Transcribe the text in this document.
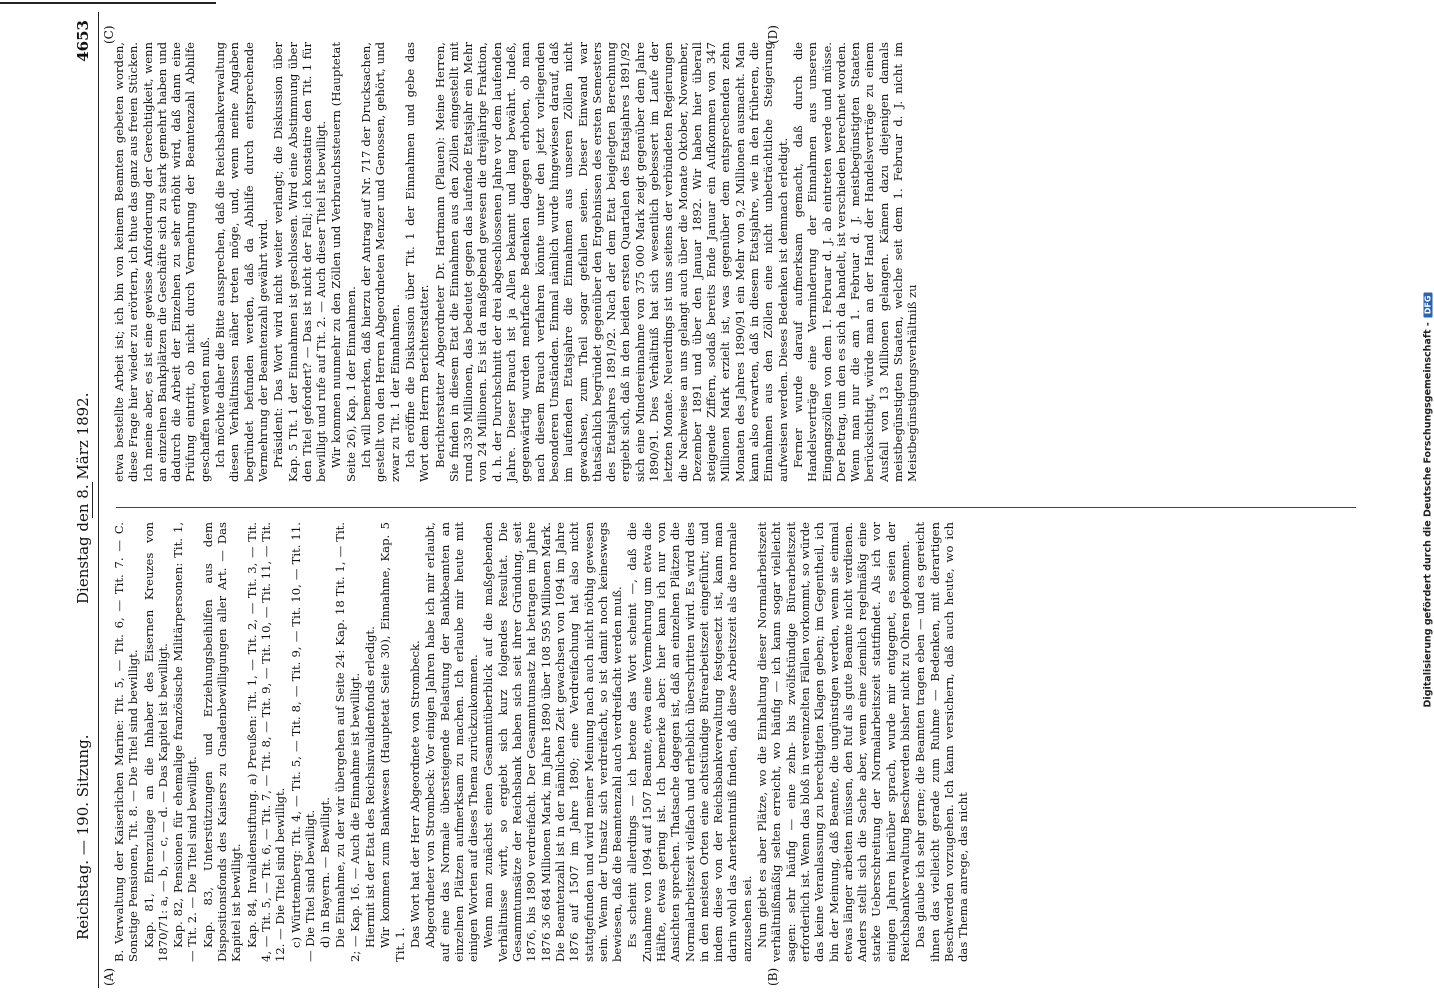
Reichstag. — 190. Sitzung.
Dienstag den 8. März 1892.
4653
(A)	(B)
(C)	(D)

B. Verwaltung der Kaiserlichen Marine: Tit. 5, — Tit. 6, — Tit. 7. — C. Sonstige Pensionen, Tit. 8. — Die Titel sind bewilligt. Kap. 81, Ehrenzulage an die Inhaber des Eisernen Kreuzes von 1870/71: a, — b, — c, — d. — Das Kapitel ist bewilligt. Kap. 82, Pensionen für ehemalige französische Militärpersonen: Tit. 1, — Tit. 2. — Die Titel sind bewilligt. Kap. 83, Unterstützungen und Erziehungsbeihilfen aus dem Dispositionsfonds des Kaisers zu Gnadenbewilligungen aller Art. — Das Kapitel ist bewilligt. Kap. 84, Invalidenstiftung. a) Preußen: Tit. 1, — Tit. 2, — Tit. 3, — Tit. 4, — Tit. 5, — Tit. 6, — Tit. 7, — Tit. 8, — Tit. 9, — Tit. 10, — Tit. 11, — Tit. 12. — Die Titel sind bewilligt. c) Württemberg: Tit. 4, — Tit. 5, — Tit. 8, — Tit. 9, — Tit. 10, — Tit. 11. — Die Titel sind bewilligt. d) in Bayern. — Bewilligt. Die Einnahme, zu der wir übergehen auf Seite 24: Kap. 18 Tit. 1, — Tit. 2; — Kap. 16. — Auch die Einnahme ist bewilligt. Hiermit ist der Etat des Reichsinvalidenfonds erledigt. Wir kommen zum Bankwesen (Hauptetat Seite 30), Einnahme, Kap. 5 Tit. 1. Das Wort hat der Herr Abgeordnete von Strombeck. Abgeordneter von Strombeck: Vor einigen Jahren habe ich mir erlaubt, auf eine das Normale übersteigende Belastung der Bankbeamten an einzelnen Plätzen aufmerksam zu machen. Ich erlaube mir heute mit einigen Worten auf dieses Thema zurückzukommen. Wenn man zunächst einen Gesammtüberblick auf die maßgebenden Verhältnisse wirft, so ergiebt sich kurz folgendes Resultat. Die Gesammtumsätze der Reichsbank haben sich seit ihrer Gründung, seit 1876, bis 1890 verdreifacht. Der Gesammtumsatz hat betragen im Jahre 1876 36 684 Millionen Mark, im Jahre 1890 über 108 595 Millionen Mark. Die Beamtenzahl ist in der nämlichen Zeit gewachsen von 1094 im Jahre 1876 auf 1507 im Jahre 1890; eine Verdreifachung hat also nicht stattgefunden und wird meiner Meinung nach auch nicht nöthig gewesen sein. Wenn der Umsatz sich verdreifacht, so ist damit noch keineswegs bewiesen, daß die Beamtenzahl auch verdreifacht werden muß. Es scheint allerdings — ich betone das Wort scheint —, daß die Zunahme von 1094 auf 1507 Beamte, etwa eine Vermehrung um etwa die Hälfte, etwas gering ist. Ich bemerke aber: hier kann ich nur von Ansichten sprechen. Thatsache dagegen ist, daß an einzelnen Plätzen die Normalarbeitszeit vielfach und erheblich überschritten wird. Es wird dies in den meisten Orten eine achtstündige Bürearbeitszeit eingeführt; und indem diese von der Reichsbankverwaltung festgesetzt ist, kann man darin wohl das Anerkenntniß finden, daß diese Arbeitszeit als die normale anzusehen sei. Nun giebt es aber Plätze, wo die Einhaltung dieser Normalarbeitszeit verhältnißmäßig selten erreicht, wo häufig — ich kann sogar vielleicht sagen: sehr häufig — eine zehn- bis zwölfstündige Bürearbeitszeit erforderlich ist. Wenn das bloß in vereinzelten Fällen vorkommt, so würde das keine Veranlassung zu berechtigten Klagen geben; im Gegentheil, ich bin der Meinung, daß Beamte, die ungünstigen werden, wenn sie einmal etwas länger arbeiten müssen, den Ruf als gute Beamte nicht verdienen. Anders stellt sich die Sache aber, wenn eine ziemlich regelmäßig eine starke Ueberschreitung der Normalarbeitszeit stattfindet. Als ich vor einigen Jahren hierüber sprach, wurde mir entgegnet, es seien der Reichsbankverwaltung Beschwerden bisher nicht zu Ohren gekommen. Das glaube ich sehr gerne; die Beamten tragen eben — und es gereicht ihnen das vielleicht gerade zum Ruhme — Bedenken, mit derartigen Beschwerden vorzugehen. Ich kann versichern, daß auch heute, wo ich das Thema anrege, das nicht

etwa bestellte Arbeit ist; ich bin von keinem Beamten gebeten worden, diese Frage hier wieder zu erörtern, ich thue das ganz aus freien Stücken. Ich meine aber, es ist eine gewisse Anforderung der Gerechtigkeit, wenn an einzelnen Bankplätzen die Geschäfte sich zu stark gemehrt haben und dadurch die Arbeit der Einzelnen zu sehr erhöht wird, daß dann eine Prüfung eintritt, ob nicht durch Vermehrung der Beamtenzahl Abhilfe geschaffen werden muß. Ich möchte daher die Bitte aussprechen, daß die Reichsbankverwaltung diesen Verhältnissen näher treten möge, und, wenn meine Angaben begründet befunden werden, daß da Abhilfe durch entsprechende Vermehrung der Beamtenzahl gewährt wird. Präsident: Das Wort wird nicht weiter verlangt; die Diskussion über Kap. 5 Tit. 1 der Einnahmen ist geschlossen. Wird eine Abstimmung über den Titel gefordert? — Das ist nicht der Fall; ich konstatire den Tit. 1 für bewilligt und rufe auf Tit. 2. — Auch dieser Titel ist bewilligt. Wir kommen nunmehr zu den Zöllen und Verbrauchssteuern (Hauptetat Seite 26), Kap. 1 der Einnahmen. Ich will bemerken, daß hierzu der Antrag auf Nr. 717 der Drucksachen, gestellt von den Herren Abgeordneten Menzer und Genossen, gehört, und zwar zu Tit. 1 der Einnahmen. Ich eröffne die Diskussion über Tit. 1 der Einnahmen und gebe das Wort dem Herrn Berichterstatter. Berichterstatter Abgeordneter Dr. Hartmann (Plauen): Meine Herren, Sie finden in diesem Etat die Einnahmen aus den Zöllen eingestellt mit rund 339 Millionen, das bedeutet gegen das laufende Etatsjahr ein Mehr von 24 Millionen. Es ist da maßgebend gewesen die dreijährige Fraktion, d. h. der Durchschnitt der drei abgeschlossenen Jahre vor dem laufenden Jahre. Dieser Brauch ist ja Allen bekannt und lang bewährt. Indeß, gegenwärtig wurden mehrfache Bedenken dagegen erhoben, ob man nach diesem Brauch verfahren könnte unter den jetzt vorliegenden besonderen Umständen. Einmal nämlich wurde hingewiesen darauf, daß im laufenden Etatsjahre die Einnahmen aus unseren Zöllen nicht gewachsen, zum Theil sogar gefallen seien. Dieser Einwand war thatsächlich begründet gegenüber den Ergebnissen des ersten Semesters des Etatsjahres 1891/92. Nach der dem Etat beigelegten Berechnung ergiebt sich, daß in den beiden ersten Quartalen des Etatsjahres 1891/92 sich eine Mindereinnahme von 375 000 Mark zeigt gegenüber dem Jahre 1890/91. Dies Verhältniß hat sich wesentlich gebessert im Laufe der letzten Monate. Neuerdings ist uns seitens der verbündeten Regierungen die Nachweise an uns gelangt auch über die Monate Oktober, November, Dezember 1891 und über den Januar 1892. Wir haben hier überall steigende Ziffern, sodaß bereits Ende Januar ein Aufkommen von 347 Millionen Mark erzielt ist, was gegenüber dem entsprechenden zehn Monaten des Jahres 1890/91 ein Mehr von 9,2 Millionen ausmacht. Man kann also erwarten, daß in diesem Etatsjahre, wie in den früheren, die Einnahmen aus den Zöllen eine nicht unbeträchtliche Steigerung aufweisen werden. Dieses Bedenken ist demnach erledigt. Ferner wurde darauf aufmerksam gemacht, daß durch die Handelsverträge eine Verminderung der Einnahmen aus unseren Eingangszöllen von dem 1. Februar d. J. ab eintreten werde und müsse. Der Betrag, um den es sich da handelt, ist verschieden berechnet worden. Wenn man nur die am 1. Februar d. J. meistbegünstigten Staaten berücksichtigt, würde man an der Hand der Handelsverträge zu einem Ausfall von 13 Millionen gelangen. Kämen dazu diejenigen damals meistbegünstigten Staaten, welche seit dem 1. Februar d. J. nicht im Meistbegünstigungsverhältniß zu	Digitalisierung gefördert durch die Deutsche Forschungsgemeinschaft -DFG
